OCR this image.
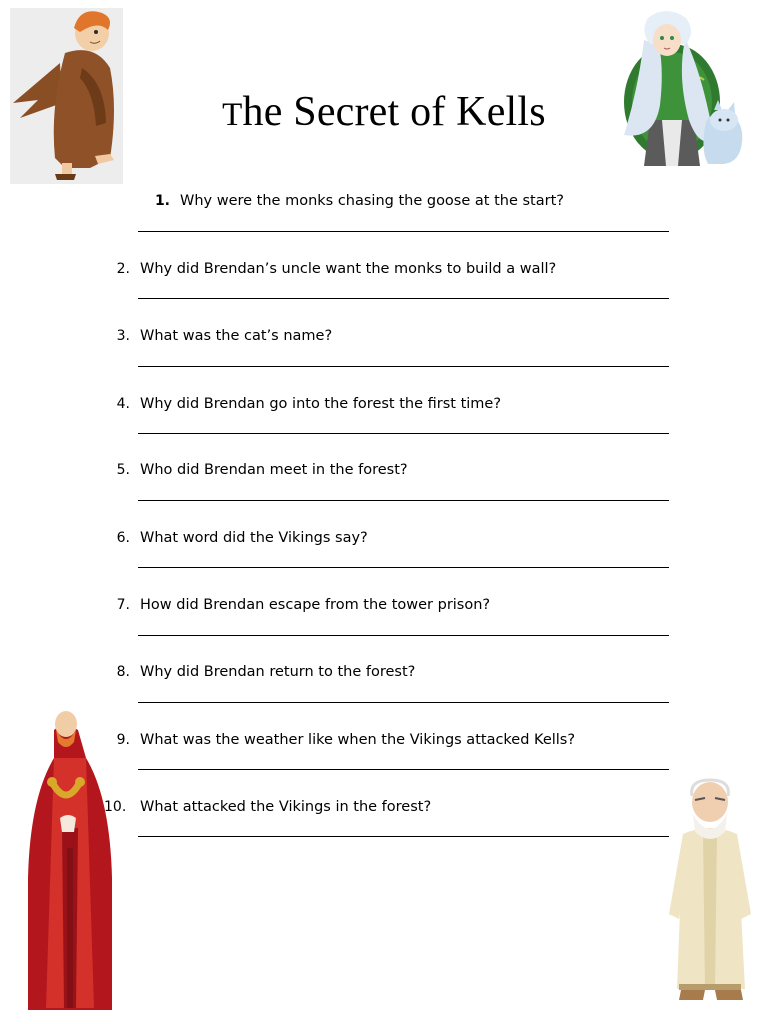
The Secret of Kells
1. Why were the monks chasing the goose at the start?
2. Why did Brendan’s uncle want the monks to build a wall?
3. What was the cat’s name?
4. Why did Brendan go into the forest the first time?
5. Who did Brendan meet in the forest?
6. What word did the Vikings say?
7. How did Brendan escape from the tower prison?
8. Why did Brendan return to the forest?
9. What was the weather like when the Vikings attacked Kells?
10. What attacked the Vikings in the forest?
